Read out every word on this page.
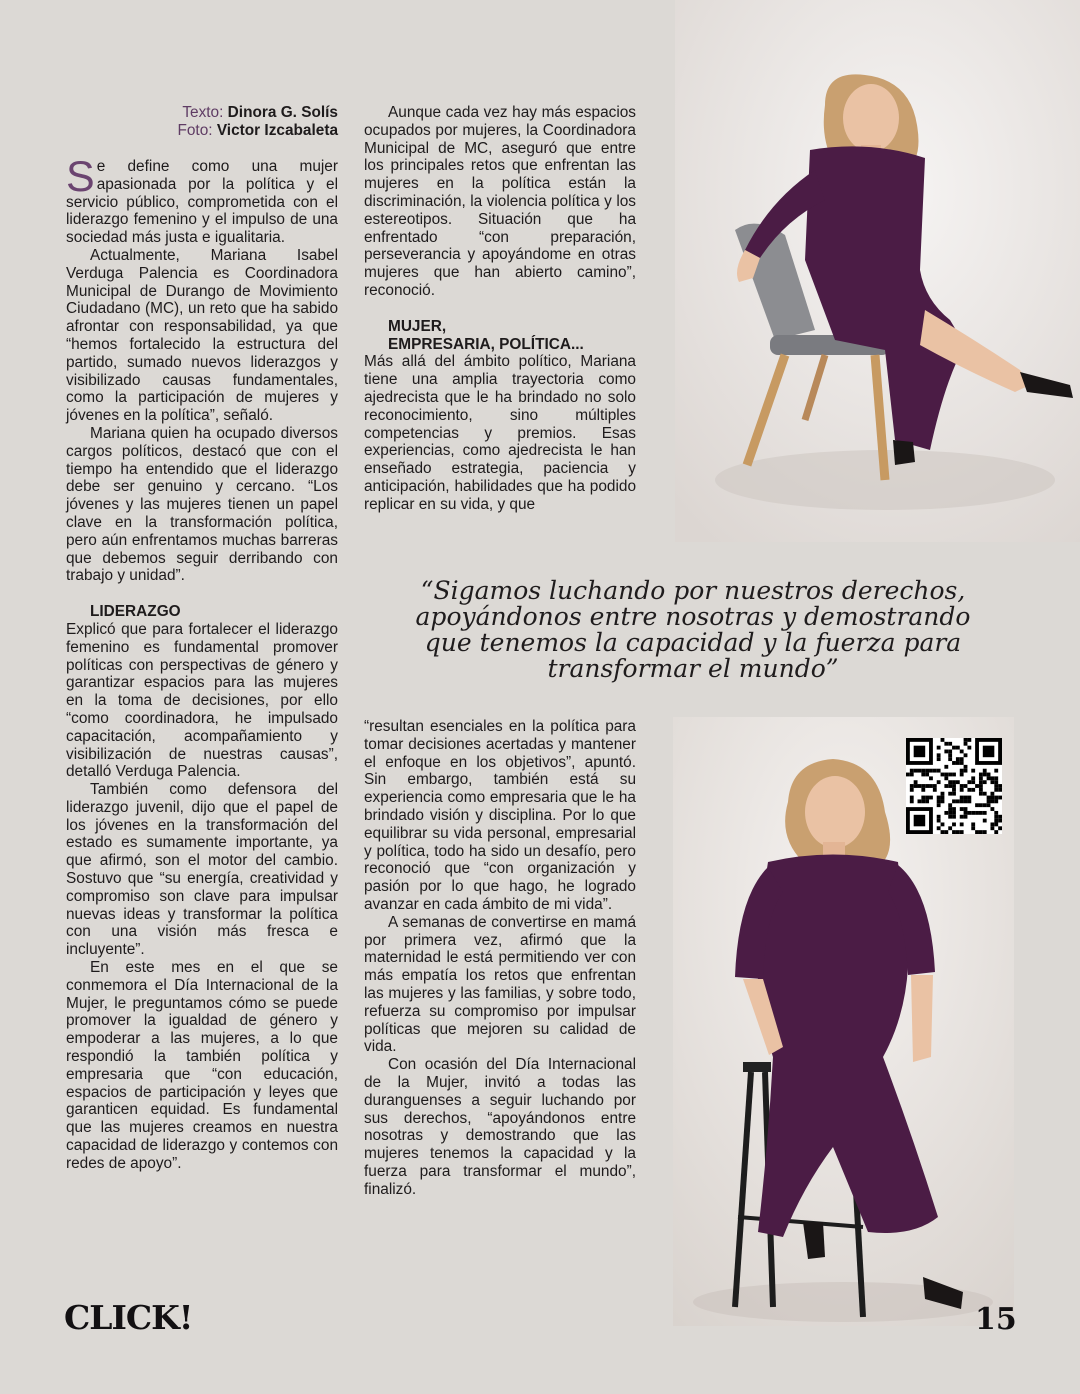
Texto: Dinora G. Solís
Foto: Victor Izcabaleta

Se define como una mujer apasionada por la política y el servicio público, comprometida con el liderazgo femenino y el impulso de una sociedad más justa e igualitaria.

Actualmente, Mariana Isabel Verduga Palencia es Coordinadora Municipal de Durango de Movimiento Ciudadano (MC), un reto que ha sabido afrontar con responsabilidad, ya que “hemos fortalecido la estructura del partido, sumado nuevos liderazgos y visibilizado causas fundamentales, como la participación de mujeres y jóvenes en la política”, señaló.

Mariana quien ha ocupado diversos cargos políticos, destacó que con el tiempo ha entendido que el liderazgo debe ser genuino y cercano. “Los jóvenes y las mujeres tienen un papel clave en la transformación política, pero aún enfrentamos muchas barreras que debemos seguir derribando con trabajo y unidad”.

LIDERAZGO

Explicó que para fortalecer el liderazgo femenino es fundamental promover políticas con perspectivas de género y garantizar espacios para las mujeres en la toma de decisiones, por ello “como coordinadora, he impulsado capacitación, acompañamiento y visibilización de nuestras causas”, detalló Verduga Palencia.

También como defensora del liderazgo juvenil, dijo que el papel de los jóvenes en la transformación del estado es sumamente importante, ya que afirmó, son el motor del cambio. Sostuvo que “su energía, creatividad y compromiso son clave para impulsar nuevas ideas y transformar la política con una visión más fresca e incluyente”.

En este mes en el que se conmemora el Día Internacional de la Mujer, le preguntamos cómo se puede promover la igualdad de género y empoderar a las mujeres, a lo que respondió la también política y empresaria que “con educación, espacios de participación y leyes que garanticen equidad. Es fundamental que las mujeres creamos en nuestra capacidad de liderazgo y contemos con redes de apoyo”.

Aunque cada vez hay más espacios ocupados por mujeres, la Coordinadora Municipal de MC, aseguró que entre los principales retos que enfrentan las mujeres en la política están la discriminación, la violencia política y los estereotipos. Situación que ha enfrentado “con preparación, perseverancia y apoyándome en otras mujeres que han abierto camino”, reconoció.

MUJER,

EMPRESARIA, POLÍTICA...

Más allá del ámbito político, Mariana tiene una amplia trayectoria como ajedrecista que le ha brindado no solo reconocimiento, sino múltiples competencias y premios. Esas experiencias, como ajedrecista le han enseñado estrategia, paciencia y anticipación, habilidades que ha podido replicar en su vida, y que

“Sigamos luchando por nuestros derechos, apoyándonos entre nosotras y demostrando que tenemos la capacidad y la fuerza para transformar el mundo”

“resultan esenciales en la política para tomar decisiones acertadas y mantener el enfoque en los objetivos”, apuntó. Sin embargo, también está su experiencia como empresaria que le ha brindado visión y disciplina. Por lo que equilibrar su vida personal, empresarial y política, todo ha sido un desafío, pero reconoció que “con organización y pasión por lo que hago, he logrado avanzar en cada ámbito de mi vida”.

A semanas de convertirse en mamá por primera vez, afirmó que la maternidad le está permitiendo ver con más empatía los retos que enfrentan las mujeres y las familias, y sobre todo, refuerza su compromiso por impulsar políticas que mejoren su calidad de vida.

Con ocasión del Día Internacional de la Mujer, invitó a todas las duranguenses a seguir luchando por sus derechos, “apoyándonos entre nosotras y demostrando que las mujeres tenemos la capacidad y la fuerza para transformar el mundo”, finalizó.

CLICK!	15
